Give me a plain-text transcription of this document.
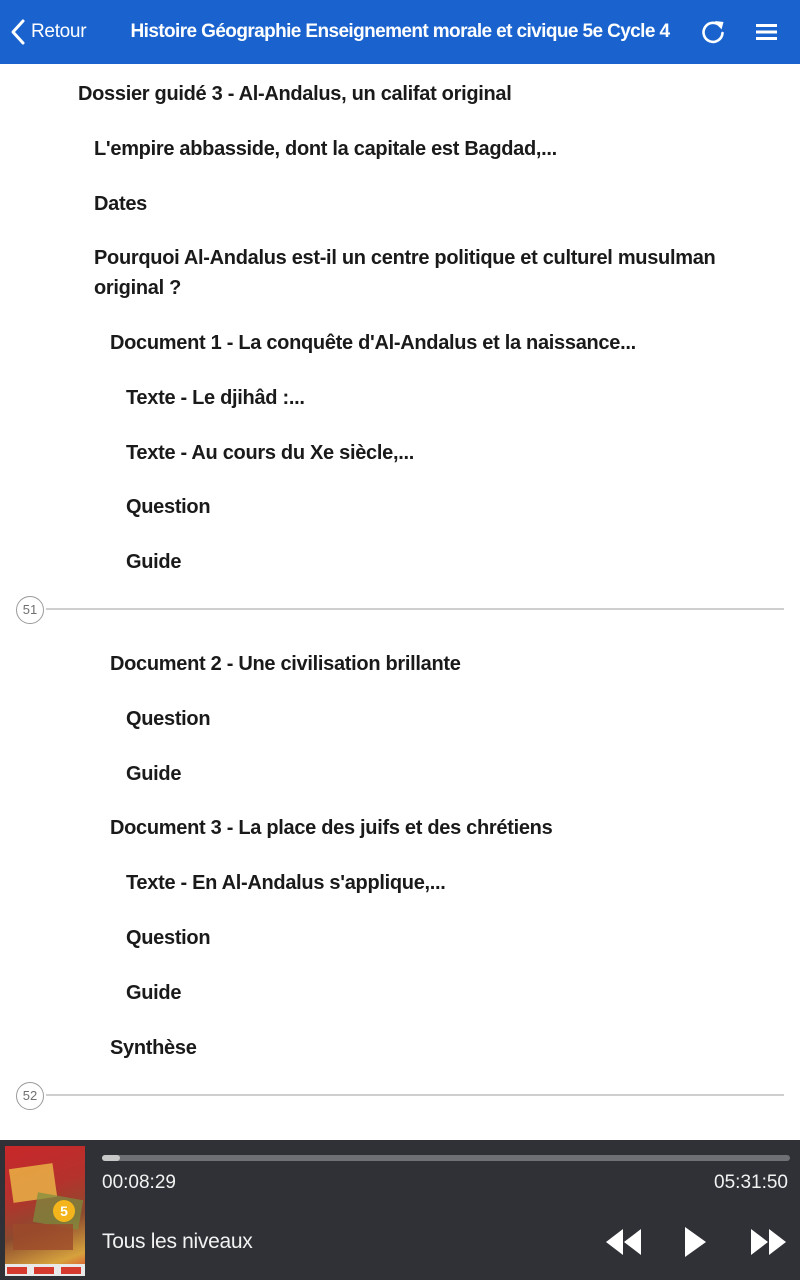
Retour	Histoire Géographie Enseignement morale et civique 5e Cycle 4
Dossier guidé 3 - Al-Andalus, un califat original
L'empire abbasside, dont la capitale est Bagdad,...
Dates
Pourquoi Al-Andalus est-il un centre politique et culturel musulman original ?
Document 1 - La conquête d'Al-Andalus et la naissance...
Texte - Le djihâd :...
Texte - Au cours du Xe siècle,...
Question
Guide
51
Document 2 - Une civilisation brillante
Question
Guide
Document 3 - La place des juifs et des chrétiens
Texte - En Al-Andalus s'applique,...
Question
Guide
Synthèse
52
5
00:08:29	05:31:50
Tous les niveaux
